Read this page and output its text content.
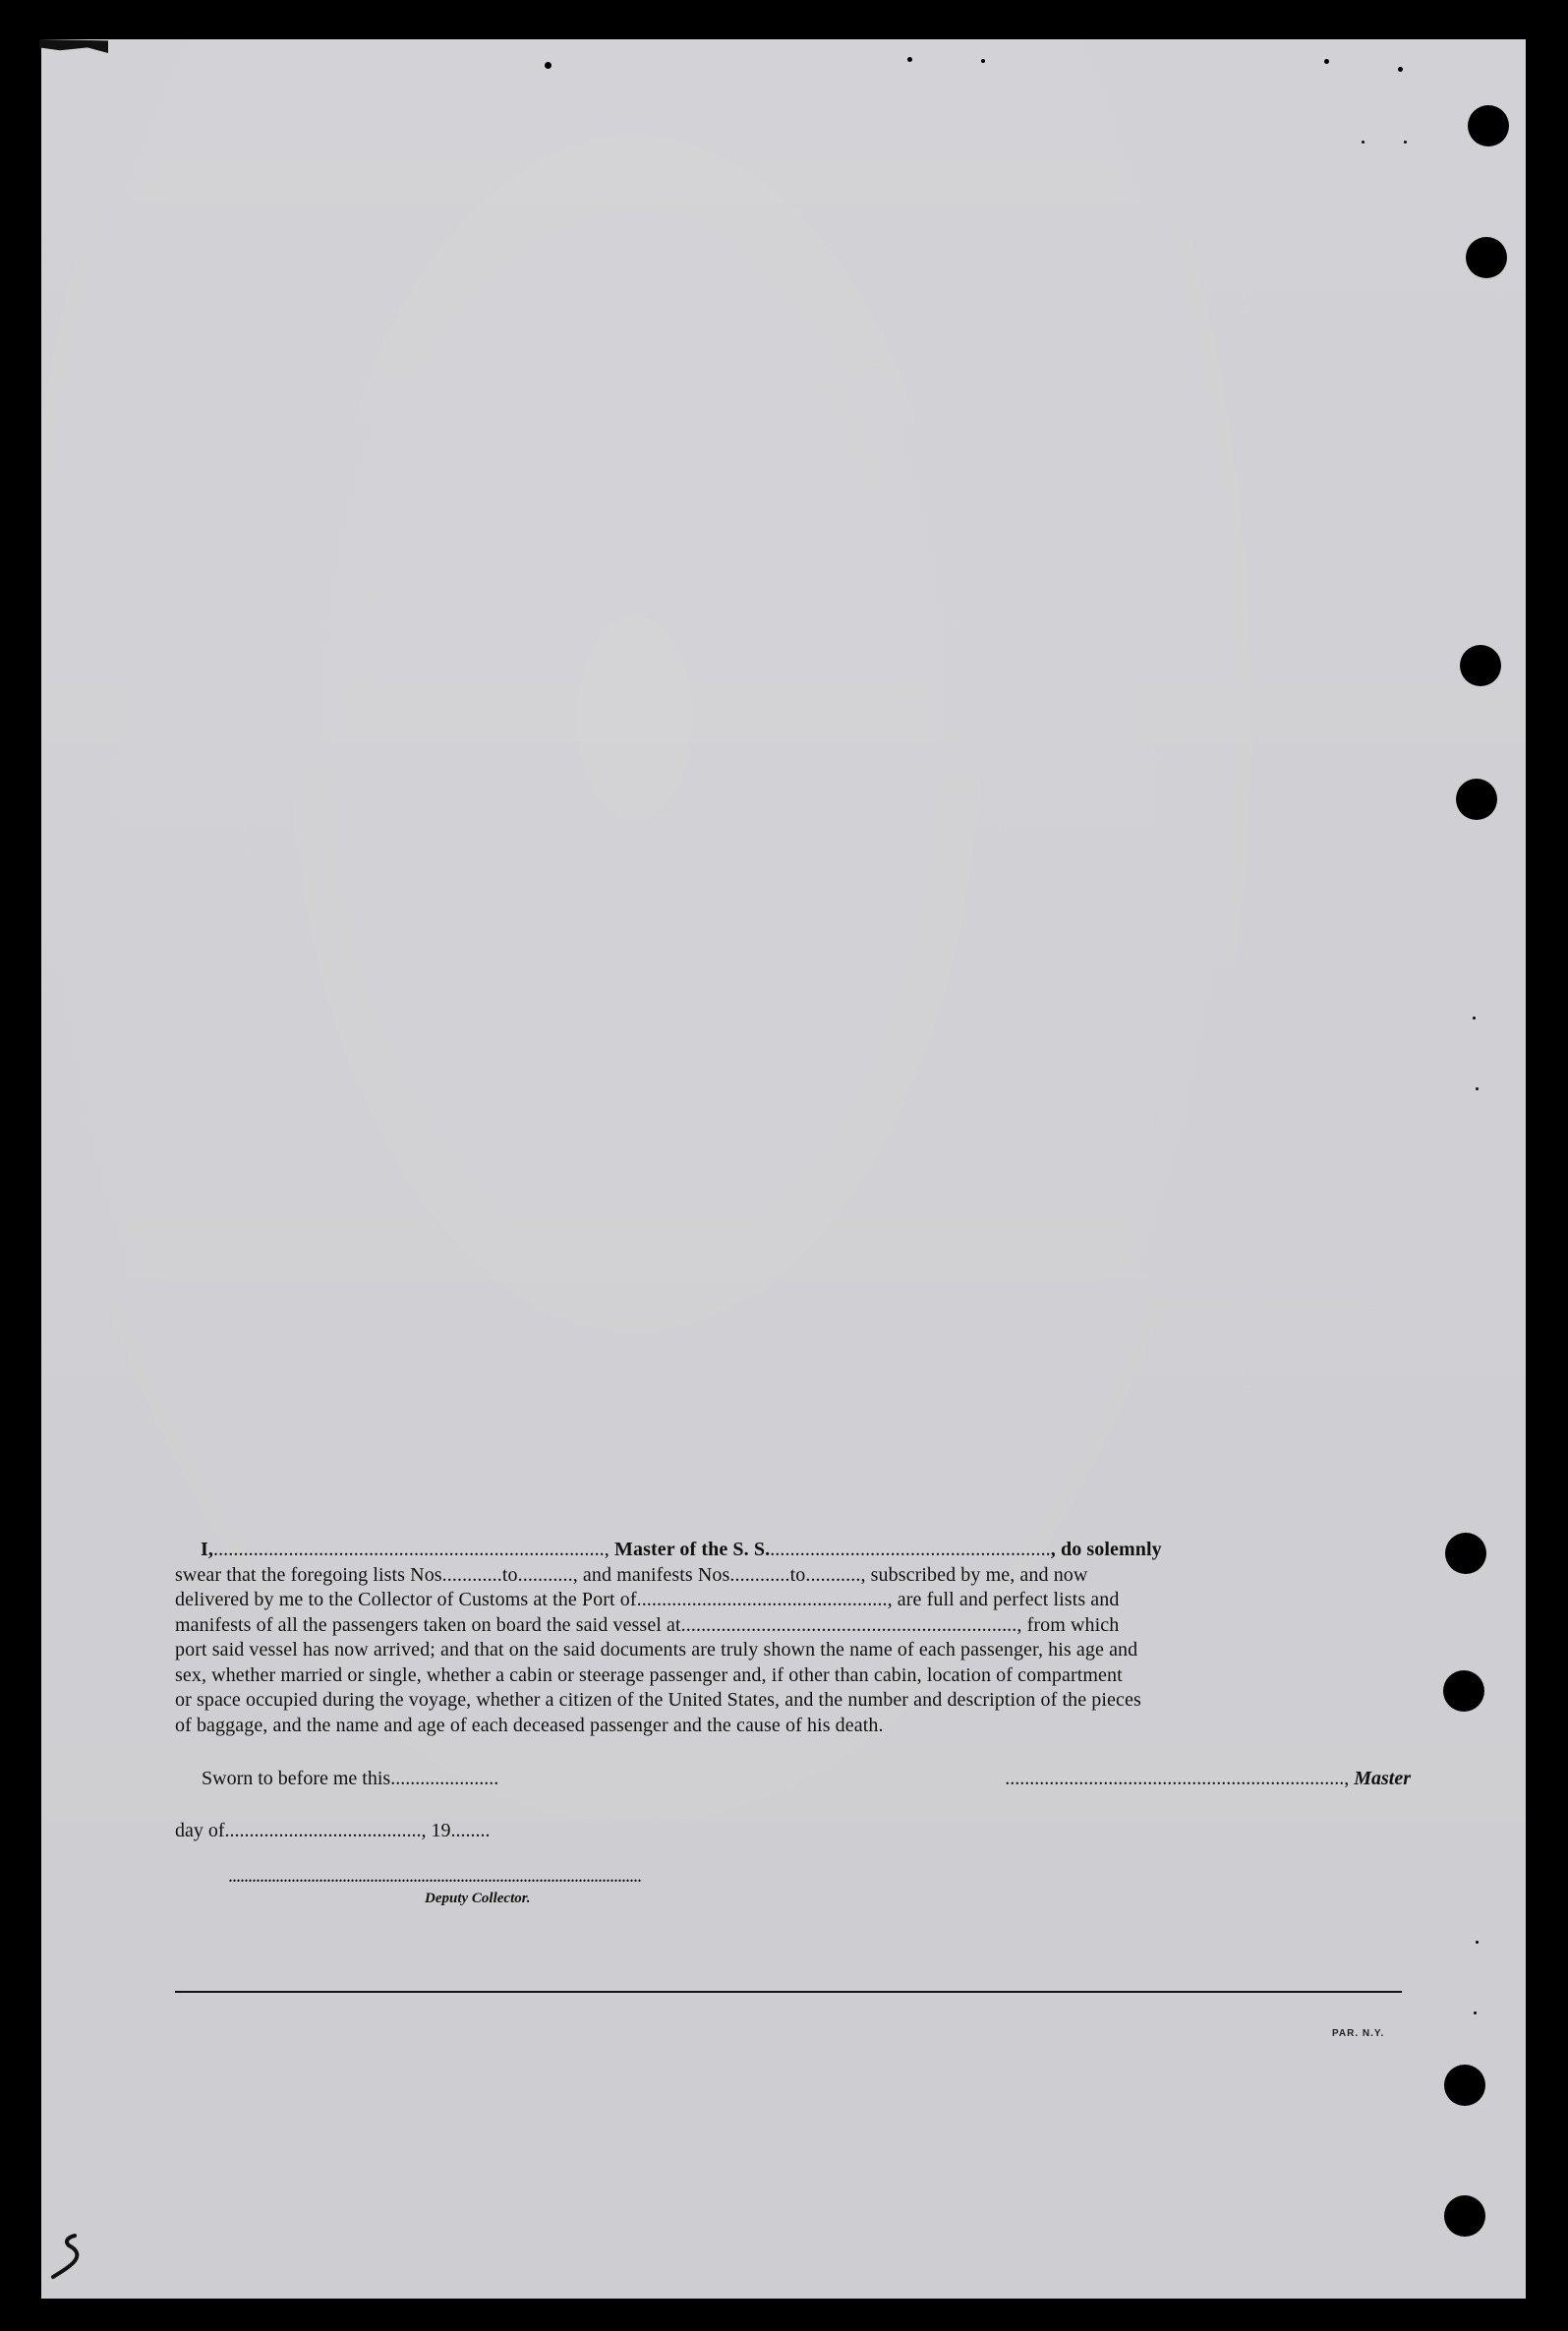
I,.............................................................................., Master of the S. S........................................................., do solemnly

swear that the foregoing lists Nos............to..........., and manifests Nos............to..........., subscribed by me, and now

delivered by me to the Collector of Customs at the Port of.................................................., are full and perfect lists and

manifests of all the passengers taken on board the said vessel at..................................................................., from which

port said vessel has now arrived; and that on the said documents are truly shown the name of each passenger, his age and

sex, whether married or single, whether a cabin or steerage passenger and, if other than cabin, location of compartment

or space occupied during the voyage, whether a citizen of the United States, and the number and description of the pieces

of baggage, and the name and age of each deceased passenger and the cause of his death.

Sworn to before me this......................	....................................................................., Master
day of........................................, 19........
.........................................................................................................
Deputy Collector.
PAR. N.Y.
